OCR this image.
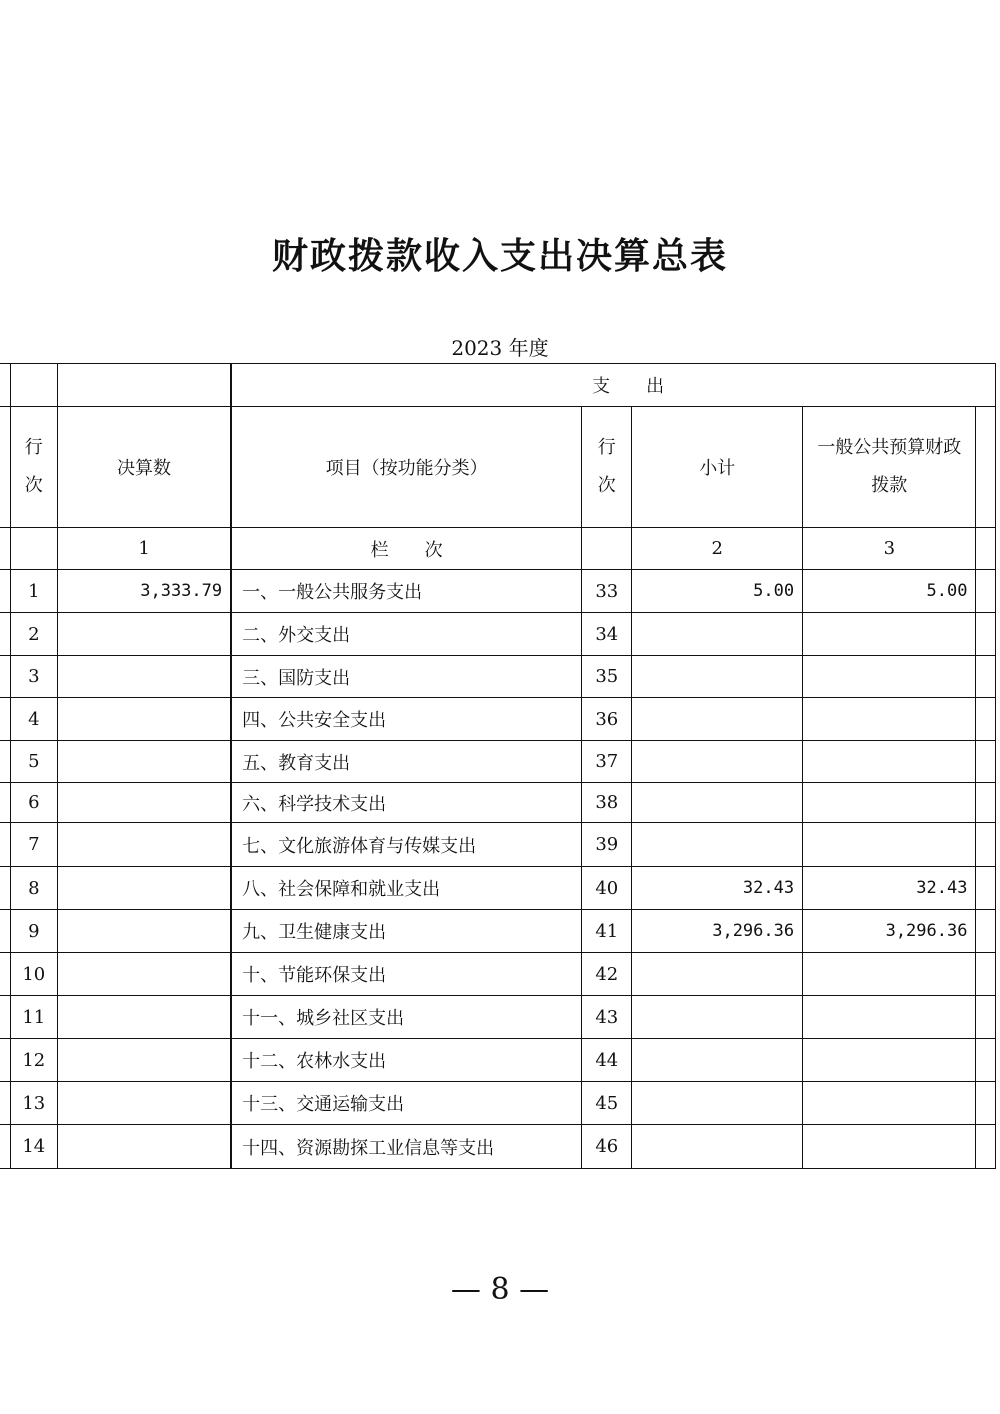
财政拨款收入支出决算总表
2023 年度
			支　　出				
	行次	决算数	项目（按功能分类）	行次	小计	一般公共预算财政拨款	
		1	栏　　次		2	3	
	1	3,333.79	一、一般公共服务支出	33	5.00	5.00	
	2		二、外交支出	34			
	3		三、国防支出	35			
	4		四、公共安全支出	36			
	5		五、教育支出	37			
	6		六、科学技术支出	38			
	7		七、文化旅游体育与传媒支出	39			
	8		八、社会保障和就业支出	40	32.43	32.43	
	9		九、卫生健康支出	41	3,296.36	3,296.36	
	10		十、节能环保支出	42			
	11		十一、城乡社区支出	43			
	12		十二、农林水支出	44			
	13		十三、交通运输支出	45			
	14		十四、资源勘探工业信息等支出	46			
— 8 —
